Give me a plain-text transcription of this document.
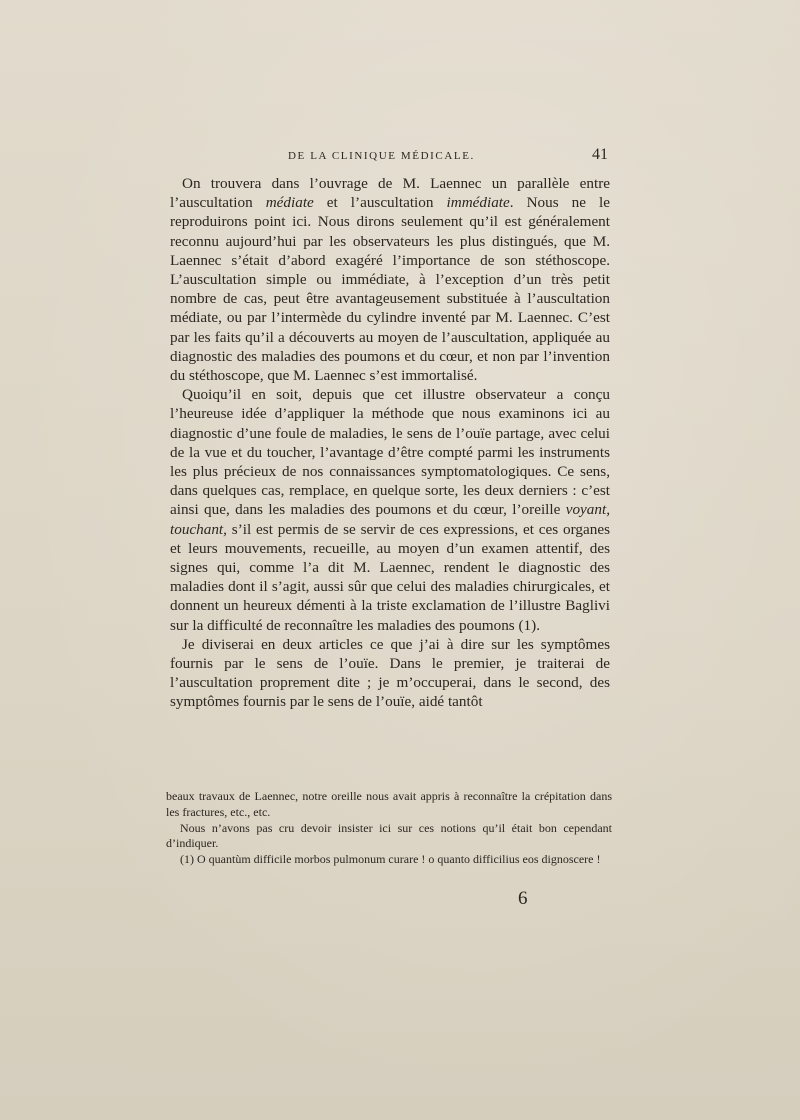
DE LA CLINIQUE MÉDICALE.	41

On trouvera dans l’ouvrage de M. Laennec un parallèle entre l’auscultation médiate et l’auscultation immédiate. Nous ne le reproduirons point ici. Nous dirons seulement qu’il est généralement reconnu aujourd’hui par les observateurs les plus distingués, que M. Laennec s’était d’abord exagéré l’importance de son stéthoscope. L’auscultation simple ou immédiate, à l’exception d’un très petit nombre de cas, peut être avantageusement substituée à l’auscultation médiate, ou par l’intermède du cylindre inventé par M. Laennec. C’est par les faits qu’il a découverts au moyen de l’auscultation, appliquée au diagnostic des maladies des poumons et du cœur, et non par l’invention du stéthoscope, que M. Laennec s’est immortalisé.

Quoiqu’il en soit, depuis que cet illustre observateur a conçu l’heureuse idée d’appliquer la méthode que nous examinons ici au diagnostic d’une foule de maladies, le sens de l’ouïe partage, avec celui de la vue et du toucher, l’avantage d’être compté parmi les instruments les plus précieux de nos connaissances symptomatologiques. Ce sens, dans quelques cas, remplace, en quelque sorte, les deux derniers : c’est ainsi que, dans les maladies des poumons et du cœur, l’oreille voyant, touchant, s’il est permis de se servir de ces expressions, et ces organes et leurs mouvements, recueille, au moyen d’un examen attentif, des signes qui, comme l’a dit M. Laennec, rendent le diagnostic des maladies dont il s’agit, aussi sûr que celui des maladies chirurgicales, et donnent un heureux démenti à la triste exclamation de l’illustre Baglivi sur la difficulté de reconnaître les maladies des poumons (1).

Je diviserai en deux articles ce que j’ai à dire sur les symptômes fournis par le sens de l’ouïe. Dans le premier, je traiterai de l’auscultation proprement dite ; je m’occuperai, dans le second, des symptômes fournis par le sens de l’ouïe, aidé tantôt

beaux travaux de Laennec, notre oreille nous avait appris à reconnaître la crépitation dans les fractures, etc., etc.

Nous n’avons pas cru devoir insister ici sur ces notions qu’il était bon cependant d’indiquer.

(1) O quantùm difficile morbos pulmonum curare ! o quanto difficilius eos dignoscere !

6
